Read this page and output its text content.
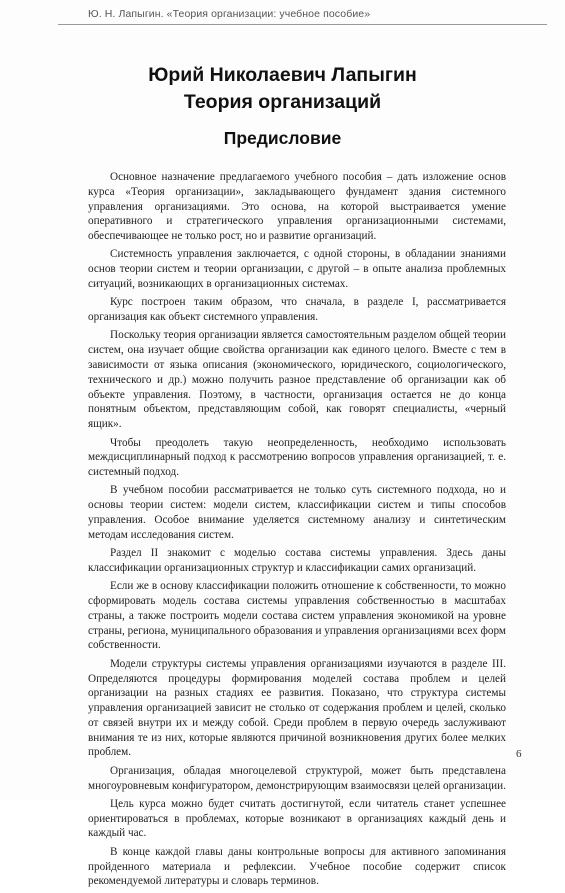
Ю. Н. Лапыгин. «Теория организации: учебное пособие»
Юрий Николаевич Лапыгин
Теория организаций
Предисловие

Основное назначение предлагаемого учебного пособия – дать изложение основ курса «Теория организации», закладывающего фундамент здания системного управления организациями. Это основа, на которой выстраивается умение оперативного и стратегического управления организационными системами, обеспечивающее не только рост, но и развитие организаций.

Системность управления заключается, с одной стороны, в обладании знаниями основ теории систем и теории организации, с другой – в опыте анализа проблемных ситуаций, возникающих в организационных системах.

Курс построен таким образом, что сначала, в разделе I, рассматривается организация как объект системного управления.

Поскольку теория организации является самостоятельным разделом общей теории систем, она изучает общие свойства организации как единого целого. Вместе с тем в зависимости от языка описания (экономического, юридического, социологического, технического и др.) можно получить разное представление об организации как об объекте управления. Поэтому, в частности, организация остается не до конца понятным объектом, представляющим собой, как говорят специалисты, «черный ящик».

Чтобы преодолеть такую неопределенность, необходимо использовать междисциплинарный подход к рассмотрению вопросов управления организацией, т. е. системный подход.

В учебном пособии рассматривается не только суть системного подхода, но и основы теории систем: модели систем, классификации систем и типы способов управления. Особое внимание уделяется системному анализу и синтетическим методам исследования систем.

Раздел II знакомит с моделью состава системы управления. Здесь даны классификации организационных структур и классификации самих организаций.

Если же в основу классификации положить отношение к собственности, то можно сформировать модель состава системы управления собственностью в масштабах страны, а также построить модели состава систем управления экономикой на уровне страны, региона, муниципального образования и управления организациями всех форм собственности.

Модели структуры системы управления организациями изучаются в разделе III. Определяются процедуры формирования моделей состава проблем и целей организации на разных стадиях ее развития. Показано, что структура системы управления организацией зависит не столько от содержания проблем и целей, сколько от связей внутри их и между собой. Среди проблем в первую очередь заслуживают внимания те из них, которые являются причиной возникновения других более мелких проблем.

Организация, обладая многоцелевой структурой, может быть представлена многоуровневым конфигуратором, демонстрирующим взаимосвязи целей организации.

Цель курса можно будет считать достигнутой, если читатель станет успешнее ориентироваться в проблемах, которые возникают в организациях каждый день и каждый час.

В конце каждой главы даны контрольные вопросы для активного запоминания пройденного материала и рефлексии. Учебное пособие содержит список рекомендуемой литературы и словарь терминов.

6
